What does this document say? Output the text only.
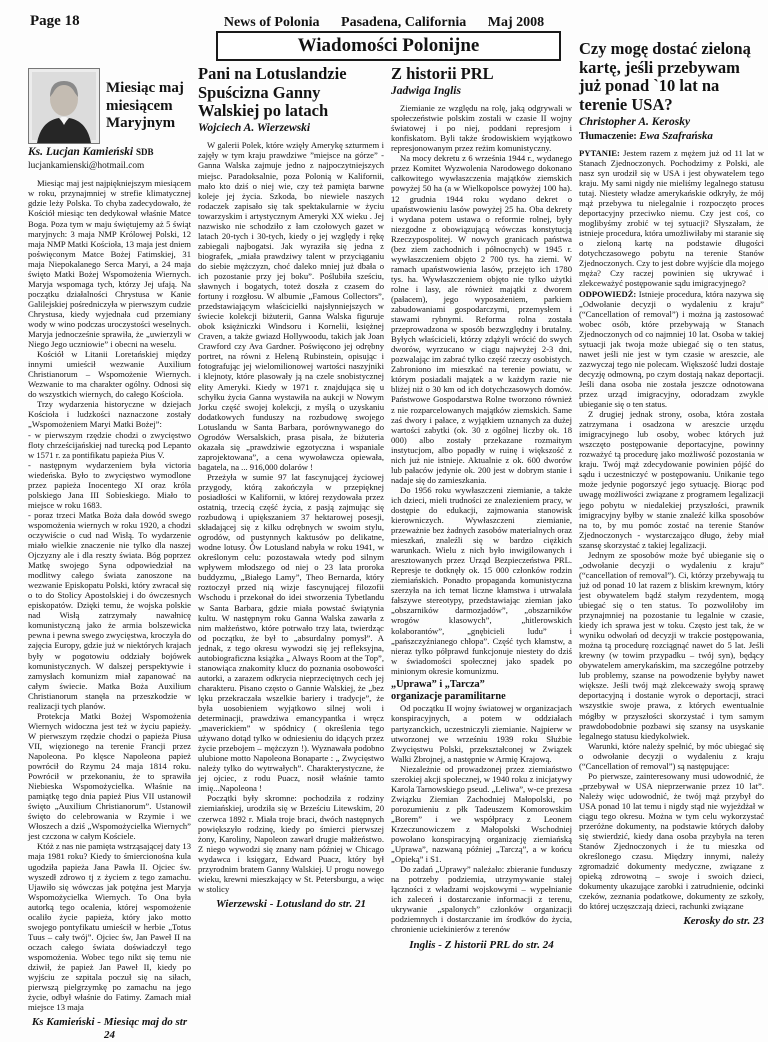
Page 18	News of Polonia Pasadena, California Maj 2008
Wiadomości Polonijne
Miesiąc maj miesiącem Maryjnym
Ks. Lucjan Kamieński SDB
lucjankamienski@hotmail.com

Miesiąc maj jest najpiękniejszym miesiącem w roku, przynajmniej w strefie klimatycznej gdzie leży Polska. To chyba zadecydowało, że Kościół miesiąc ten dedykował właśnie Matce Boga. Poza tym w maju świętujemy aż 5 świąt maryjnych: 3 maja NMP Królowej Polski, 12 maja NMP Matki Kościoła, 13 maja jest dniem poświęconym Matce Bożej Fatimskiej, 31 maja Niepokalanego Serca Maryi, a 24 maja święto Matki Bożej Wspomożenia Wiernych. Maryja wspomaga tych, którzy Jej ufają. Na początku działalności Chrystusa w Kanie Galilejskiej pośredniczyła w pierwszym cudzie Chrystusa, kiedy wyjednała cud przemiany wody w wino podczas uroczystości weselnych. Maryja jednocześnie sprawiła, że „uwierzyli w Niego Jego uczniowie” i obecni na weselu.

Kościół w Litanii Loretańskiej między innymi umieścił wezwanie Auxilium Christianorum – Wspomożenie Wiernych. Wezwanie to ma charakter ogólny. Odnosi się do wszystkich wiernych, do całego Kościoła.

Trzy wydarzenia historyczne w dziejach Kościoła i ludzkości naznaczone zostały „Wspomożeniem Maryi Matki Bożej”:

- w pierwszym rzędzie chodzi o zwycięstwo floty chrześcijańskiej nad turecką pod Lepanto w 1571 r. za pontifikatu papieża Pius V.

- następnym wydarzeniem była victoria wiedeńska. Było to zwycięstwo wymodlone przez papieża Inocentego XI oraz króla polskiego Jana III Sobieskiego. Miało to miejsce w roku 1683.

- poraz trzeci Matka Boża dała dowód swego wspomożenia wiernych w roku 1920, a chodzi oczywiście o cud nad Wisłą. To wydarzenie miało wielkie znaczenie nie tylko dla naszej Ojczyzny ale i dla reszty świata. Bóg poprzez Matkę swojego Syna odpowiedział na modlitwy całego świata zanoszone na wezwanie Episkopatu Polski, który zwracał się o to do Stolicy Apostolskiej i do ówczesnych episkopatów. Dzięki temu, że wojska polskie nad Wisłą zatrzymały nawałnicę komunistyczną jako że armia bolszewicka pewna i pewna swego zwycięstwa, kroczyła do zajęcia Europy, gdzie już w niektórych krajach były w pogotowiu oddziały bojówek komunistycznych. W dalszej perspektywie i zamysłach komunizm miał zapanować na całym świecie. Matka Boża Auxilium Christianorum stanęła na przeszkodzie w realizacji tych planów.

Protekcja Matki Bożej Wspomożenia Wiernych widoczna jest też w życiu papieży. W pierwszym rzędzie chodzi o papieża Piusa VII, więzionego na terenie Francji przez Napoleona. Po klęsce Napoleona papież powrócił do Rzymu 24 maja 1814 roku. Powrócił w przekonaniu, że to sprawiła Niebieska Wspomożycielka. Właśnie na pamiątkę tego dnia papież Pius VII ustanowił święto „Auxilium Christianorum”. Ustanowił święto do celebrowania w Rzymie i we Włoszech a dziś „Wspomożycielka Wiernych” jest czczona w całym Kościele.

Któż z nas nie pamięta wstrząsającej daty 13 maja 1981 roku? Kiedy to śmiercionośna kula ugodziła papieża Jana Pawła II. Ojciec św. wyszedł zdrowo tj z życiem z tego zamachu. Ujawiło się wówczas jak potężna jest Maryja Wspomożycielka Wiernych. To Ona była autorką tego ocalenia, której wspomożenie ocaliło życie papieża, który jako motto swojego pontyfikatu umieścił w herbie „Totus Tuus – cały twój”. Ojciec św, Jan Paweł II na oczach całego świata doświadczył tego wspomożenia. Wobec tego nikt się temu nie dziwił, że papież Jan Paweł II, kiedy po wyjściu ze szpitala poczuł się na siłach, pierwszą pielgrzymkę po zamachu na jego życie, odbył właśnie do Fatimy. Zamach miał miejsce 13 maja

Ks Kamieński - Miesiąc maj do str 24
Pani na Lotuslandzie Spuścizna Ganny Walskiej po latach
Wojciech A. Wierzewski

W galerii Polek, które wzięły Amerykę szturmem i zajęły w tym kraju prawdziwe ”miejsce na górze” - Ganna Walska zajmuje jedno z najpoczytniejszych miejsc. Paradoksalnie, poza Polonią w Kalifornii, mało kto dziś o niej wie, czy też pamięta barwne koleje jej życia. Szkoda, bo niewiele naszych rodaczek zapisało się tak spektakularnie w życiu towarzyskim i artystycznym Ameryki XX wieku . Jej nazwisko nie schodziło z łam czołowych gazet w latach 20-tych i 30-tych, kiedy o jej względy i rękę zabiegali najbogatsi. Jak wyraziła się jedna z biografek, „miała prawdziwy talent w przyciąganiu do siebie mężczyzn, choć daleko mniej już dbała o ich pozostanie przy jej boku”. Poślubiła sześciu, sławnych i bogatych, toteż doszła z czasem do fortuny i rozgłosu. W albumie „Famous Collectors”, przedstawiającym właścicielki najsłynniejszych w świecie kolekcji biżuterii, Ganna Walska figuruje obok księżniczki Windsoru i Kornelii, księżnej Craven, a także gwiazd Hollywoodu, takich jak Joan Crawford czy Ava Gardner. Poświęcono jej odrębny portret, na równi z Heleną Rubinstein, opisując i fotografując jej wielomilionowej wartości naszyjniki i klejnoty, które plasowały ją na czele snobistycznej elity Ameryki. Kiedy w 1971 r. znajdująca się u schyłku życia Ganna wystawiła na aukcji w Nowym Jorku część swojej kolekcji, z myślą o uzyskaniu dodatkowych funduszy na rozbudowę swojego Lotuslandu w Santa Barbara, porównywanego do Ogrodów Wersalskich, prasa pisała, że biżuteria okazała się „prawdziwie egzotyczna i wspaniale zaprojektowana”, a cena wywoławcza opiewała, bagatela, na ... 916,000 dolarów !

Przeżyła w sumie 97 lat fascynującej życiowej przygody, którą zakończyła w przepięknej posiadłości w Kalifornii, w której rezydowała przez ostatnią, trzecią część życia, z pasją zajmując się rozbudową i upiększaniem 37 hektarowej posesji, składającej się z kilku odrębnych w swoim stylu, ogrodów, od pustynnych kaktusów po delikatne, wodne lotusy. Ów Lotusland nabyła w roku 1941, w określonym celu: pozostawała wtedy pod silnym wpływem młodszego od niej o 23 lata proroka buddyzmu, „Białego Lamy”, Theo Bernarda, który roztoczył przed nią wizje fascynującej filozofii Wschodu i przekonał do idei stworzenia Tybetlandu w Santa Barbara, gdzie miała powstać świątynia kultu. W następnym roku Ganna Walska zawarła z nim małżeństwo, które potrwało trzy lata, twierdząc od początku, że był to „absurdalny pomysł”. A jednak, z tego okresu wywodzi się jej refleksyjna, autobiograficzna książka „ Always Room at the Top”, stanowiąca znakomity klucz do poznania osobowości autorki, a zarazem odkrycia nieprzeciętnych cech jej charakteru. Pisano często o Gannie Walskiej, że „bez lęku przekraczała wszelkie bariery i tradycje”, że była uosobieniem wyjątkowo silnej woli i determinacji, prawdziwa emancypantka i wręcz „maverickiem” w spódnicy ( określenia tego używano dotąd tylko w odniesieniu do idących przez życie przebojem – mężczyzn !). Wyznawała podobno ulubione motto Napoleona Bonaparte : „ Zwycięstwo należy tylko do wytrwałych”. Charakterystyczne, że jej ojciec, z rodu Puacz, nosił właśnie tamto imię...Napoleona !

Początki były skromne: pochodziła z rodziny ziemiańskiej, urodziła się w Brześciu Litewskim, 20 czerwca 1892 r. Miała troje braci, dwóch następnych powiększyło rodzinę, kiedy po śmierci pierwszej żony, Karoliny, Napoleon zawarł drugie małżeństwo. Z niego wywodzi się znany nam później w Chicago wydawca i księgarz, Edward Puacz, który był przyrodnim bratem Ganny Walskiej. U progu nowego wieku, krewni mieszkający w St. Petersburgu, a więc w stolicy

Wierzewski - Lotusland do str. 21
Z historii PRL
Jadwiga Inglis

Ziemianie ze względu na rolę, jaką odgrywali w społeczeństwie polskim zostali w czasie II wojny światowej i po niej, poddani represjom i konfiskatom. Byli także środowiskiem wyjątkowo represjonowanym przez reżim komunistyczny.

Na mocy dekretu z 6 września 1944 r., wydanego przez Komitet Wyzwolenia Narodowego dokonano całkowitego wywłaszczenia majątków ziemskich powyżej 50 ha (a w Wielkopolsce powyżej 100 ha). 12 grudnia 1944 roku wydano dekret o upaństwowieniu lasów powyżej 25 ha. Oba dekrety i wydana potem ustawa o reformie rolnej, były niezgodne z obowiązującą wówczas konstytucją Rzeczypospolitej. W nowych granicach państwa (bez ziem zachodnich i północnych) w 1945 r. wywłaszczeniem objęto 2 700 tys. ha ziemi. W ramach upaństwowienia lasów, przejęto ich 1780 tys. ha. Wywłaszczeniem objęto nie tylko użytki rolne i lasy, ale również majątki z dworem (pałacem), jego wyposażeniem, parkiem zabudowaniami gospodarczymi, przemysłem i stawami rybnymi. Reforma rolna została przeprowadzona w sposób bezwzględny i brutalny. Byłych właścicieli, którzy zdążyli wrócić do swych dworów, wyrzucano w ciągu najwyżej 2-3 dni, pozwalając im zabrać tylko część rzeczy osobistych. Zabroniono im mieszkać na terenie powiatu, w którym posiadali majątek a w każdym razie nie bliżej niż o 30 km od ich dotychczasowych domów. Państwowe Gospodarstwa Rolne tworzono również z nie rozparcelowanych majątków ziemskich. Same zaś dwory i pałace, z wyjątkiem uznanych za dużej wartości zabytki (ok. 30 z ogólnej liczby ok. 18 000) albo zostały przekazane rozmaitym instytucjom, albo popadły w ruinę i większość z nich już nie istnieje. Aktualnie z ok. 600 dworów lub pałaców jedynie ok. 200 jest w dobrym stanie i nadaje się do zamieszkania.

Do 1956 roku wywłaszczeni ziemianie, a także ich dzieci, mieli trudności ze znalezieniem pracy, w dostępie do edukacji, zajmowania stanowisk kierowniczych. Wywłaszczeni ziemianie, przeważnie bez żadnych zasobów materialnych oraz mieszkań, znaleźli się w bardzo ciężkich warunkach. Wielu z nich było inwigilowanych i aresztowanych przez Urząd Bezpieczeństwa PRL. Represje te dotknęły ok. 15 000 członków rodzin ziemiańskich. Ponadto propaganda komunistyczna szerzyła na ich temat liczne kłamstwa i utrwalała fałszywe stereotypy, przedstawiając ziemian jako „obszarników darmozjadów”, „obszarników wrogów klasowych”, „hitlerowskich kolaborantów”, „gnębicieli ludu” i „pańszczyźnianego chłopa”. Część tych kłamstw, a nieraz tylko półprawd funkcjonuje niestety do dziś w świadomości społecznej jako spadek po minionym okresie komunizmu.

„Uprawa” i „Tarcza”
organizacje paramilitarne

Od początku II wojny światowej w organizacjach konspiracyjnych, a potem w oddziałach partyzanckich, uczestniczyli ziemianie. Najpierw w utworzonej we wrześniu 1939 roku Służbie Zwycięstwu Polski, przekształconej w Związek Walki Zbrojnej, a następnie w Armię Krajową.

Niezależnie od prowadzonej przez ziemiaństwo szerokiej akcji społecznej, w 1940 roku z inicjatywy Karola Tarnowskiego pseud. „Leliwa”, w-ce prezesa Związku Ziemian Zachodniej Małopolski, po porozumieniu z płk Tadeuszem Komorowskim „Borem” i we współpracy z Leonem Krzeczunowiczem z Małopolski Wschodniej powołano konspiracyjną organizację ziemiańską „Uprawa”, nazwaną później „Tarczą”, a w końcu „Opieką” i S1.

Do zadań „Uprawy” należało: zbieranie funduszy na potrzeby podziemia, utrzymywanie stałej łączności z władzami wojskowymi – wypełnianie ich zaleceń i dostarczanie informacji z terenu, ukrywanie „spalonych” członków organizacji podziemnych i dostarczanie im środków do życia, chronienie uciekinierów z terenów

Inglis - Z historii PRL do str. 24
Czy mogę dostać zieloną kartę, jeśli przebywam już ponad `10 lat na terenie USA?
Christopher A. Kerosky
Tłumaczenie: Ewa Szafrańska

PYTANIE: Jestem razem z mężem już od 11 lat w Stanach Zjednoczonych. Pochodzimy z Polski, ale nasz syn urodził się w USA i jest obywatelem tego kraju. My sami nigdy nie mieliśmy legalnego statusu tutaj. Niestety władze amerykańskie odkryły, że mój mąż przebywa tu nielegalnie i rozpoczęto proces deportacyjny przeciwko niemu. Czy jest coś, co moglibyśmy zrobić w tej sytuacji? Słyszałam, że istnieje procedura, która umożliwiłaby mi staranie się o zieloną kartę na podstawie długości dotychczasowego pobytu na terenie Stanów Zjednoczonych. Czy to jest dobre wyjście dla mojego męża? Czy raczej powinien się ukrywać i zlekceważyć postępowanie sądu imigracyjnego?

ODPOWIEDŹ: Istnieje procedura, która nazywa się „Odwołanie decyzji o wydaleniu z kraju” (“Cancellation of removal”) i można ją zastosować wobec osób, które przebywają w Stanach Zjednoczonych od co najmniej 10 lat. Osoba w takiej sytuacji jak twoja może ubiegać się o ten status, nawet jeśli nie jest w tym czasie w areszcie, ale zazwyczaj tego nie polecam. Większość ludzi dostaje decyzję odmowną, po czym dostają nakaz deportacji. Jeśli dana osoba nie została jeszcze odnotowana przez urząd imigracyjny, odoradzam zwykle ubieganie się o ten status.

Z drugiej jednak strony, osoba, która została zatrzymana i osadzona w areszcie urzędu imigracyjnego lub osoby, wobec których już wszczęto postępowanie deportacyjne, powinny rozważyć tą procedurę jako możliwość pozostania w kraju. Twój mąż zdecydowanie powinien pójść do sądu i uczestniczyć w postępowaniu. Unikanie tego może jedynie pogorszyć jego sytuację. Biorąc pod uwagę możliwości związane z programem legalizacji jego pobytu w niedalekiej przyszłości, prawnik imigracyjny byłby w stanie znaleźć kilka sposobów na to, by mu pomóc zostać na terenie Stanów Zjednoczonych - wystarczająco długo, żeby miał szansę skorzystać z takiej legalizacji.

Jednym ze sposobów może być ubieganie się o „odwołanie decyzji o wydaleniu z kraju” (“cancellation of removal”). Ci, którzy przebywają tu już od ponad 10 lat razem z bliskim krewnym, który jest obywatelem bądź stałym rezydentem, mogą ubiegać się o ten status. To pozwoliłoby im przynajmniej na pozostanie tu legalnie w czasie, kiedy ich sprawa jest w toku. Często jest tak, że w wyniku odwołań od decyzji w trakcie postępowania, można tą procedurę rozciągnąć nawet do 5 lat. Jeśli krewny (w towim przypadku – twój syn), będący obywatelem amerykańskim, ma szczególne potrzeby lub problemy, szanse na powodzenie byłyby nawet większe. Jeśli twój mąż zlekceważy swoją sprawę deportacyjną i dostanie wyrok o deportacji, straci wszystkie swoje prawa, z których ewentualnie mógłby w przyszłości skorzystać i tym samym prawdobodobnie pozbawi się szansy na usyskanie legalnego statusu kiedykolwiek.

Warunki, które należy spełnić, by móc ubiegać się o odwołanie decyzji o wydaleniu z kraju (“Cancellation of removal”) są następujące:

Po pierwsze, zainteresowany musi udowodnić, że „przebywał w USA nieprzerwanie przez 10 lat”. Należy więc udowodnić, że twój mąż przybył do USA ponad 10 lat temu i nigdy stąd nie wyjeżdżał w ciągu tego okresu. Można w tym celu wykorzystać przeróżne dokumenty, na podstawie których dałoby się stwierdzić, kiedy dana osoba przybyła na teren Stanów Zjednoczonych i że tu mieszka od określonego czasu. Międzry innymi, należy zgromadzić dokumenty medyczne, związane z opieką zdrowotną – swoje i swoich dzieci, dokumenty ukazujące zarobki i zatrudnienie, odcinki czeków, zeznania podatkowe, dokumenty ze szkoły, do której uczęszczają dzieci, rachunki związane

Kerosky do str. 23
